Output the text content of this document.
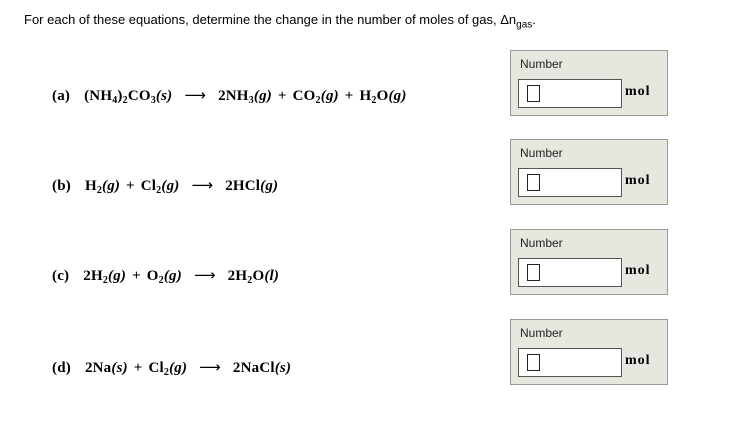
For each of these equations, determine the change in the number of moles of gas, $\Delta n_{gas}$.
(a) $(NH_4)_2CO_3(s)$ ⟶ $2NH_3(g) + CO_2(g) + H_2O(g)$
(b) $H_2(g) + Cl_2(g)$ ⟶ 2HCl(g)
(c) $2H_2(g) + O_2(g)$ ⟶ $2H_2O(l)$
(d) $2Na(s) + Cl_2(g)$ ⟶ 2NaCl(s)
Number
mol
Number
mol
Number
mol
Number
mol
